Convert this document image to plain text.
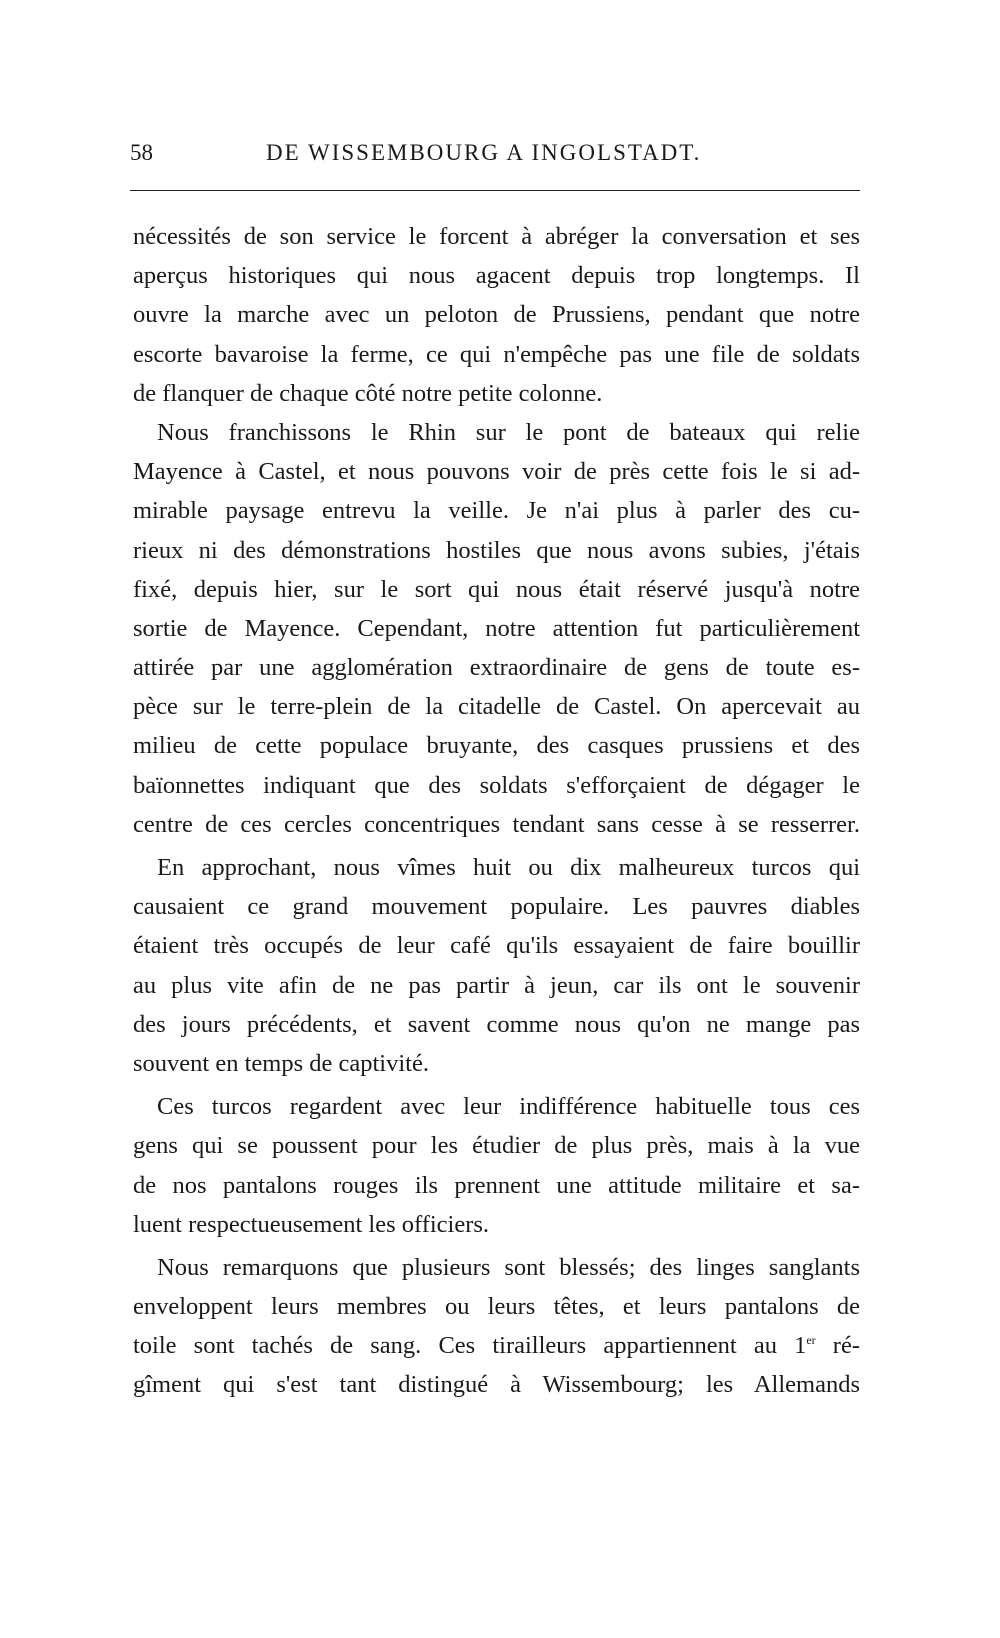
58	DE WISSEMBOURG A INGOLSTADT.
nécessités de son service le forcent à abréger la conversation et ses
aperçus historiques qui nous agacent depuis trop longtemps. Il
ouvre la marche avec un peloton de Prussiens, pendant que notre
escorte bavaroise la ferme, ce qui n'empêche pas une file de soldats
de flanquer de chaque côté notre petite colonne.
Nous franchissons le Rhin sur le pont de bateaux qui relie
Mayence à Castel, et nous pouvons voir de près cette fois le si ad-
mirable paysage entrevu la veille. Je n'ai plus à parler des cu-
rieux ni des démonstrations hostiles que nous avons subies, j'étais
fixé, depuis hier, sur le sort qui nous était réservé jusqu'à notre
sortie de Mayence. Cependant, notre attention fut particulièrement
attirée par une agglomération extraordinaire de gens de toute es-
pèce sur le terre-plein de la citadelle de Castel. On apercevait au
milieu de cette populace bruyante, des casques prussiens et des
baïonnettes indiquant que des soldats s'efforçaient de dégager le
centre de ces cercles concentriques tendant sans cesse à se resserrer.
En approchant, nous vîmes huit ou dix malheureux turcos qui
causaient ce grand mouvement populaire. Les pauvres diables
étaient très occupés de leur café qu'ils essayaient de faire bouillir
au plus vite afin de ne pas partir à jeun, car ils ont le souvenir
des jours précédents, et savent comme nous qu'on ne mange pas
souvent en temps de captivité.
Ces turcos regardent avec leur indifférence habituelle tous ces
gens qui se poussent pour les étudier de plus près, mais à la vue
de nos pantalons rouges ils prennent une attitude militaire et sa-
luent respectueusement les officiers.
Nous remarquons que plusieurs sont blessés; des linges sanglants
enveloppent leurs membres ou leurs têtes, et leurs pantalons de
toile sont tachés de sang. Ces tirailleurs appartiennent au 1er ré-
gîment qui s'est tant distingué à Wissembourg; les Allemands
